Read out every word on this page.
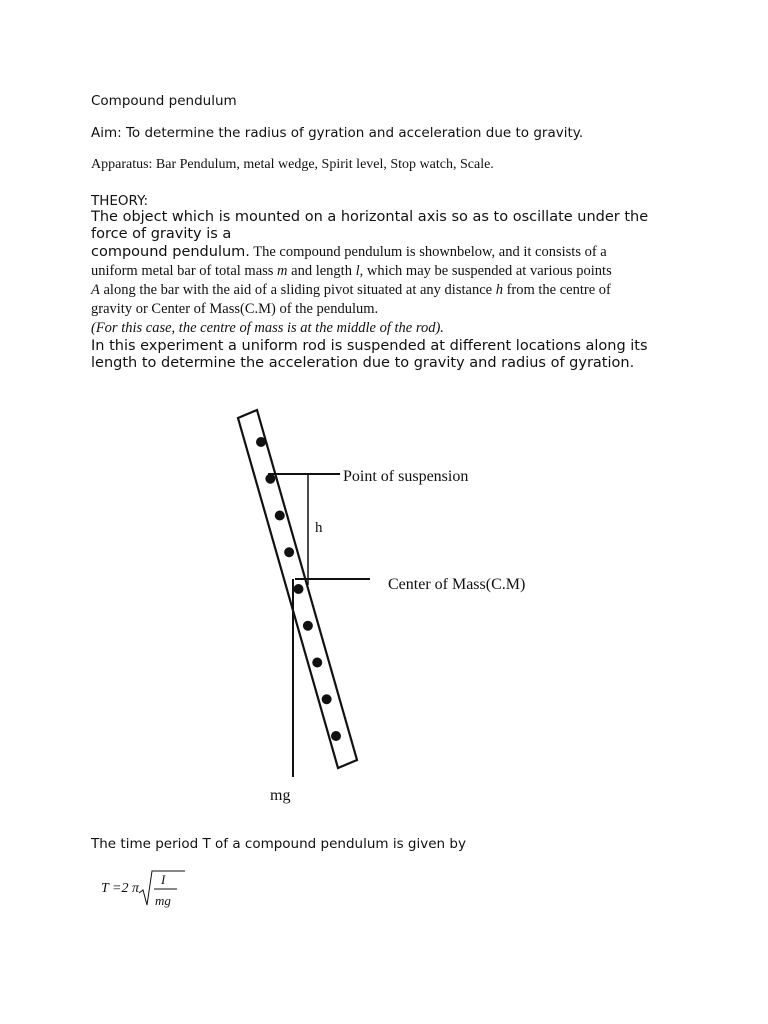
Compound pendulum
Aim: To determine the radius of gyration and acceleration due to gravity.
Apparatus: Bar Pendulum, metal wedge, Spirit level, Stop watch, Scale.
THEORY:
The object which is mounted on a horizontal axis so as to oscillate under the
force of gravity is a
compound pendulum. The compound pendulum is shownbelow, and it consists of a
uniform metal bar of total mass m and length l, which may be suspended at various points
A along the bar with the aid of a sliding pivot situated at any distance h from the centre of
gravity or Center of Mass(C.M) of the pendulum.
(For this case, the centre of mass is at the middle of the rod).
In this experiment a uniform rod is suspended at different locations along its
length to determine the acceleration due to gravity and radius of gyration.
Point of suspension
h
Center of Mass(C.M)
mg
The time period T of a compound pendulum is given by
T =2 π
I
mg
